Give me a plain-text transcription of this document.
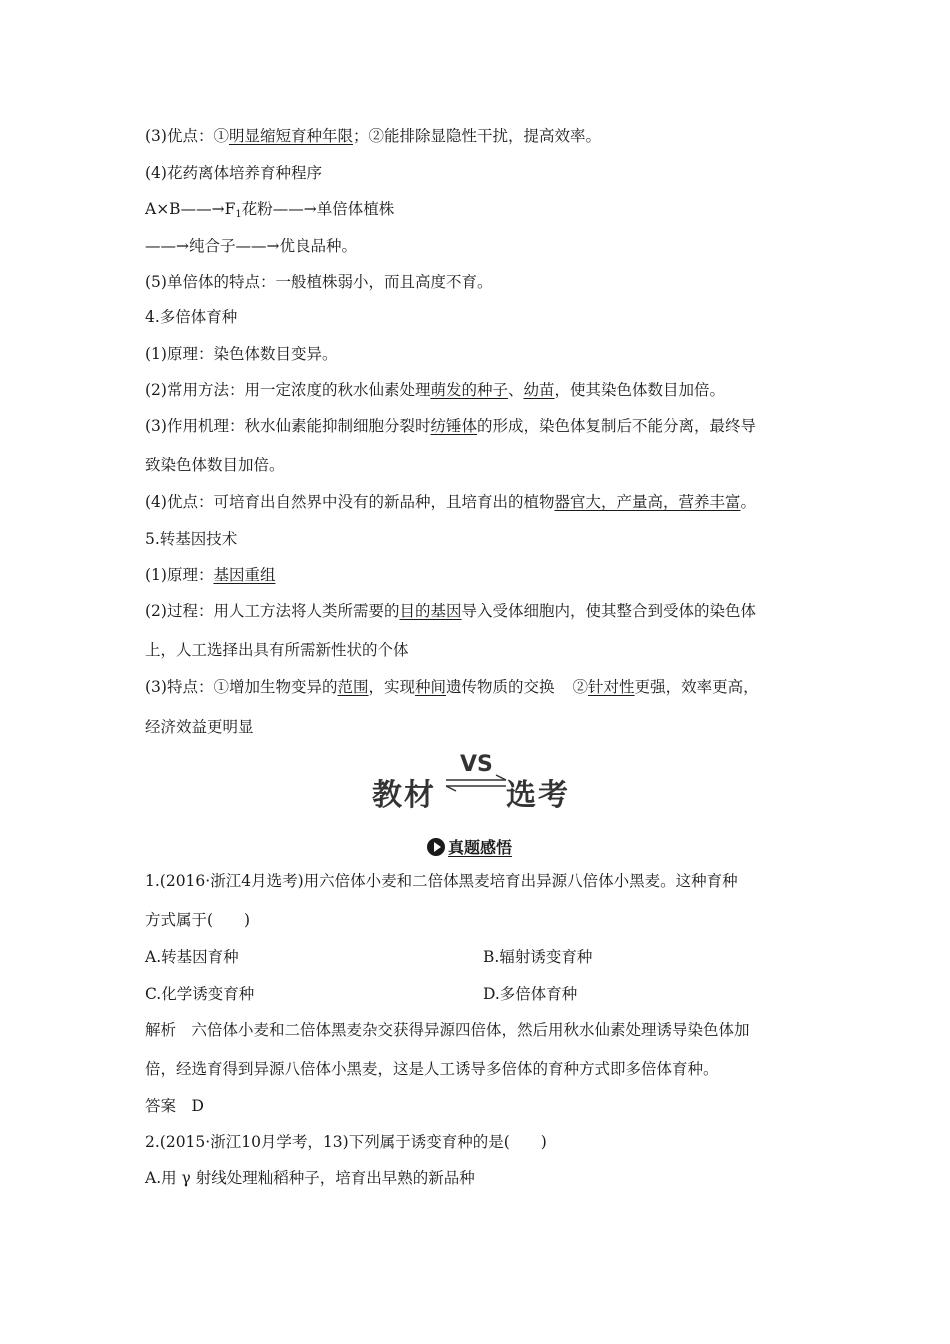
(3)优点：①明显缩短育种年限；②能排除显隐性干扰，提高效率。
(4)花药离体培养育种程序
$A\times B——\to F_1$花粉——→单倍体植株
——→纯合子——→优良品种。
(5)单倍体的特点：一般植株弱小，而且高度不育。
4.多倍体育种
(1)原理：染色体数目变异。
(2)常用方法：用一定浓度的秋水仙素处理萌发的种子、幼苗，使其染色体数目加倍。
(3)作用机理：秋水仙素能抑制细胞分裂时纺锤体的形成，染色体复制后不能分离，最终导
致染色体数目加倍。
(4)优点：可培育出自然界中没有的新品种，且培育出的植物器官大，产量高，营养丰富。
5.转基因技术
(1)原理：基因重组
(2)过程：用人工方法将人类所需要的目的基因导入受体细胞内，使其整合到受体的染色体
上，人工选择出具有所需新性状的个体
(3)特点：①增加生物变异的范围，实现种间遗传物质的交换 ②针对性更强，效率更高，
经济效益更明显
教材
VS
选考
真题感悟
1.(2016·浙江4月选考)用六倍体小麦和二倍体黑麦培育出异源八倍体小黑麦。这种育种
方式属于(　　)
A.转基因育种	B.辐射诱变育种
C.化学诱变育种	D.多倍体育种
解析　六倍体小麦和二倍体黑麦杂交获得异源四倍体，然后用秋水仙素处理诱导染色体加
倍，经选育得到异源八倍体小黑麦，这是人工诱导多倍体的育种方式即多倍体育种。
答案　D
2.(2015·浙江10月学考，13)下列属于诱变育种的是(　　)
A.用 γ 射线处理籼稻种子，培育出早熟的新品种
